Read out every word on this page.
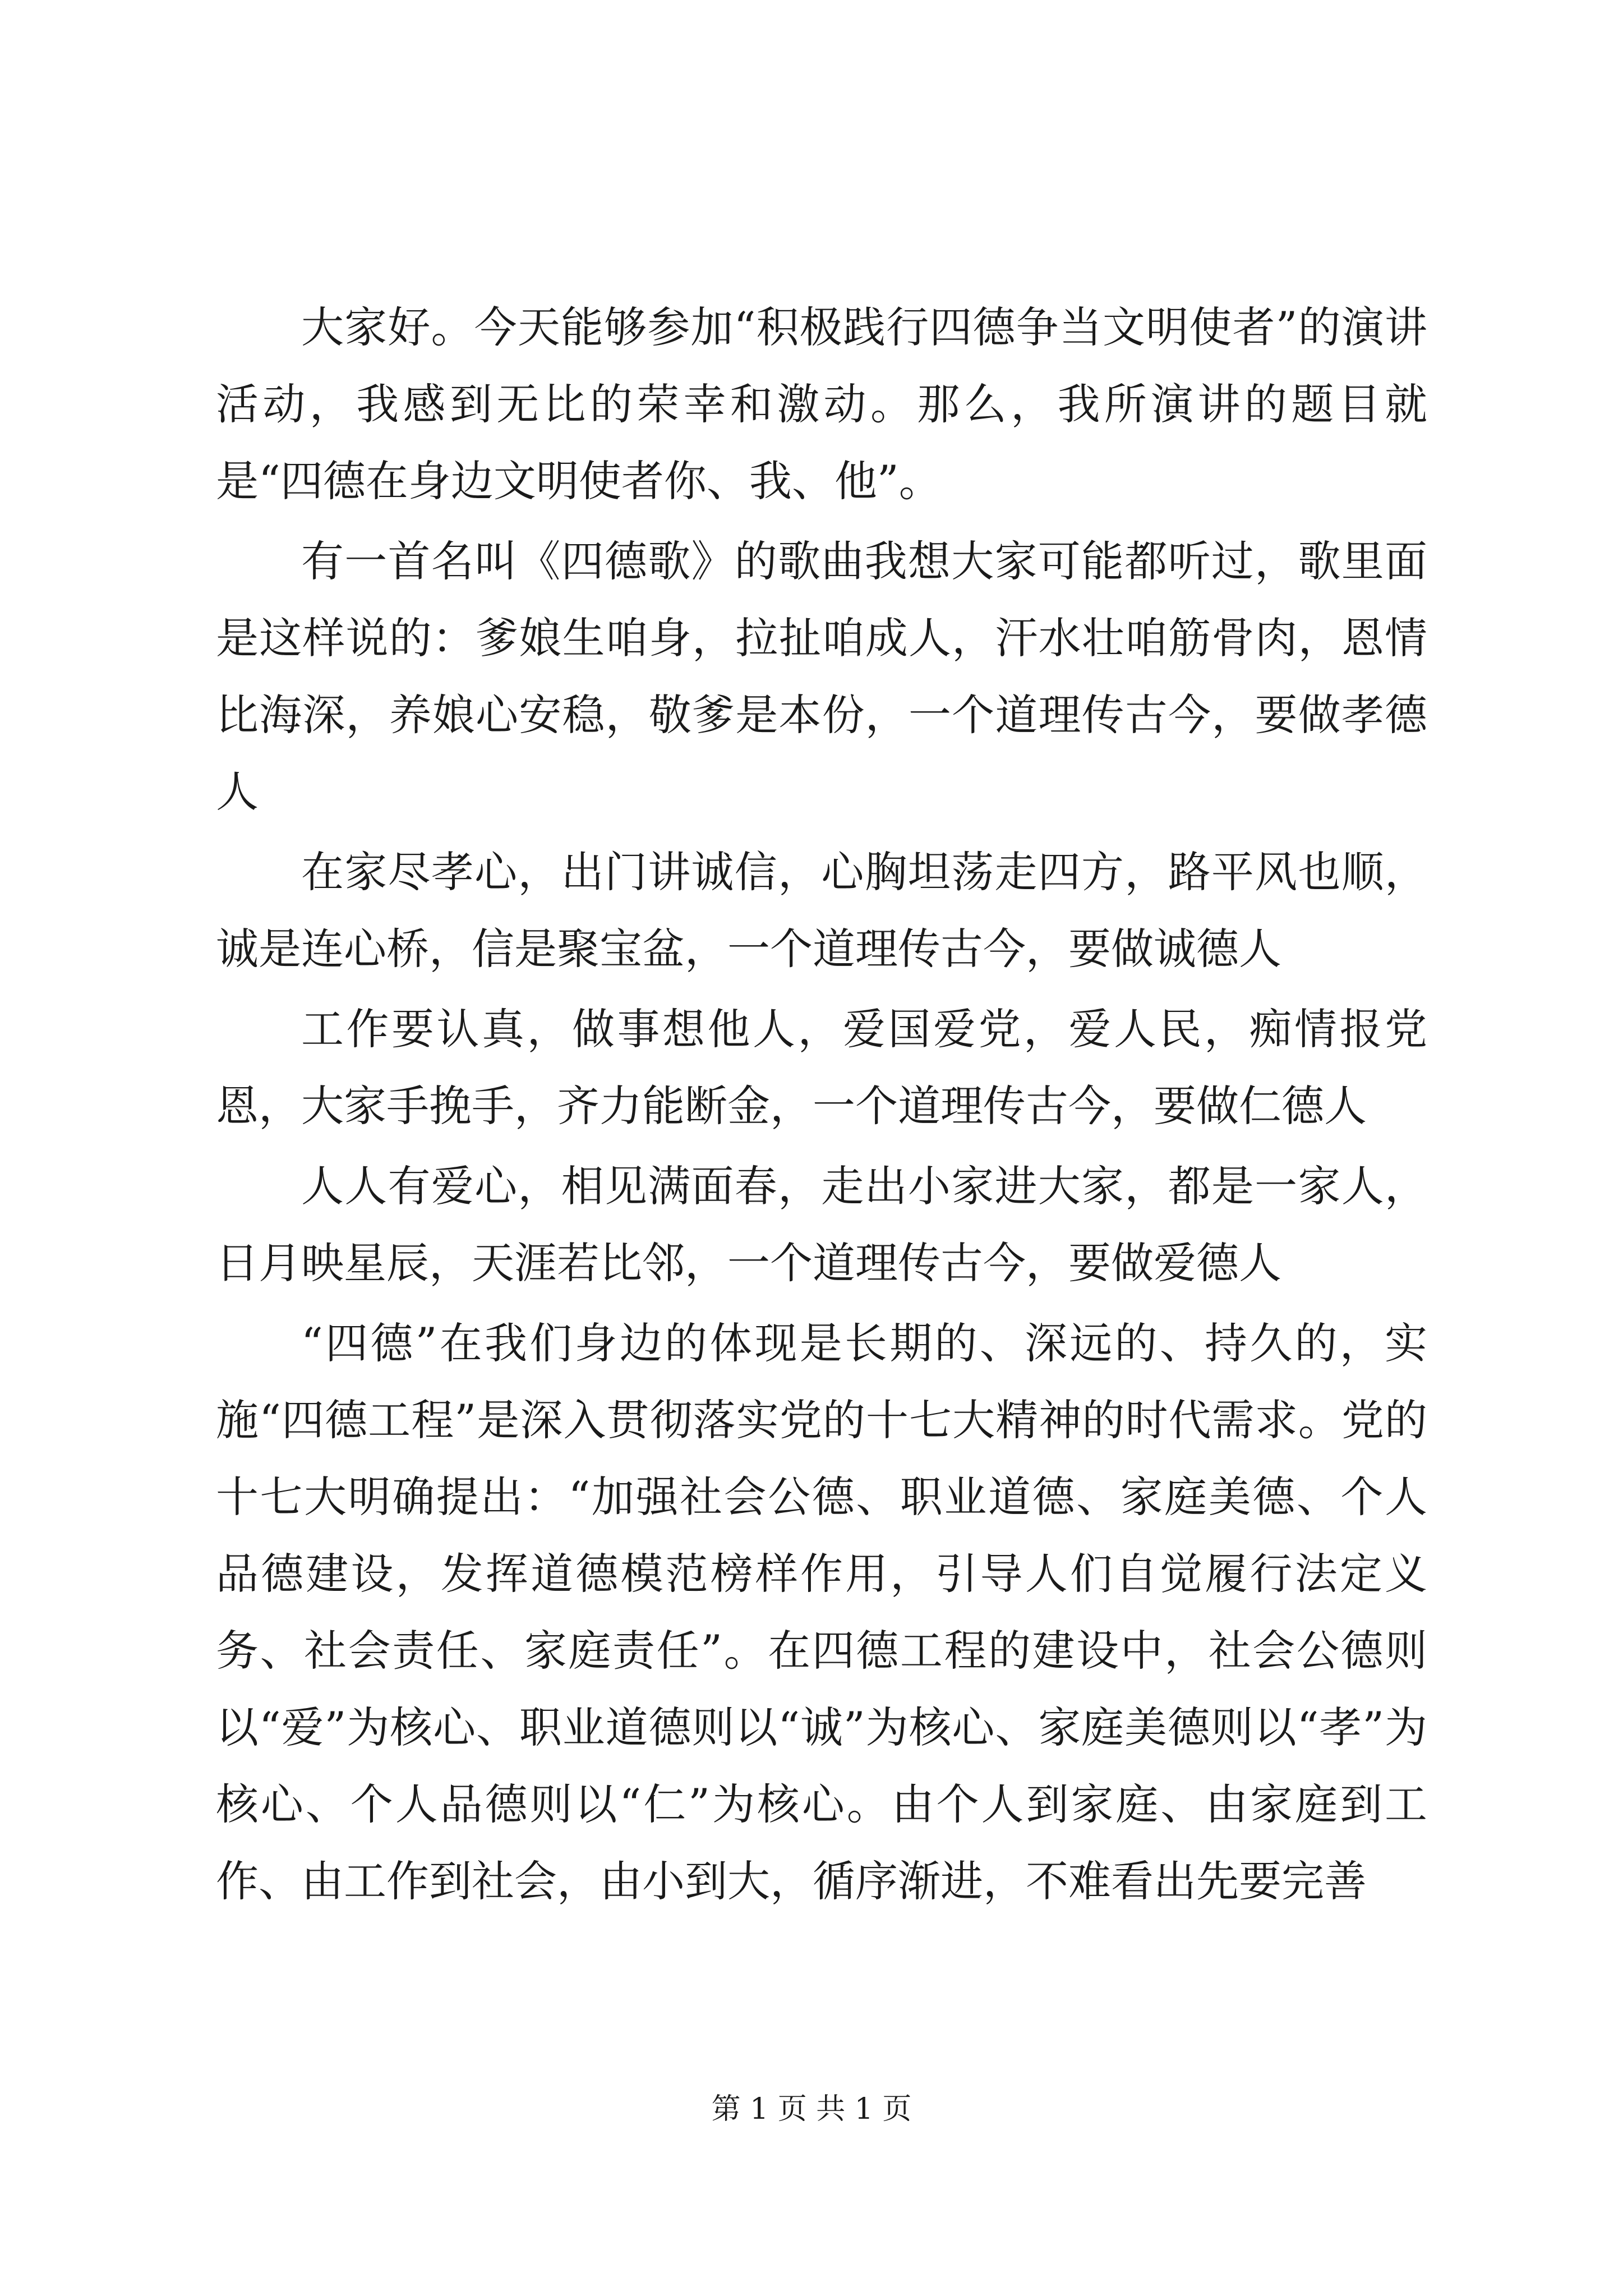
大家好。今天能够参加“积极践行四德争当文明使者”的演讲活动，我感到无比的荣幸和激动。那么，我所演讲的题目就是“四德在身边文明使者你、我、他”。

有一首名叫《四德歌》的歌曲我想大家可能都听过，歌里面是这样说的：爹娘生咱身，拉扯咱成人，汗水壮咱筋骨肉，恩情比海深，养娘心安稳，敬爹是本份，一个道理传古今，要做孝德人

在家尽孝心，出门讲诚信，心胸坦荡走四方，路平风也顺，诚是连心桥，信是聚宝盆，一个道理传古今，要做诚德人

工作要认真，做事想他人，爱国爱党，爱人民，痴情报党恩，大家手挽手，齐力能断金，一个道理传古今，要做仁德人

人人有爱心，相见满面春，走出小家进大家，都是一家人，日月映星辰，天涯若比邻，一个道理传古今，要做爱德人

“四德”在我们身边的体现是长期的、深远的、持久的，实施“四德工程”是深入贯彻落实党的十七大精神的时代需求。党的十七大明确提出：“加强社会公德、职业道德、家庭美德、个人品德建设，发挥道德模范榜样作用，引导人们自觉履行法定义务、社会责任、家庭责任”。在四德工程的建设中，社会公德则以“爱”为核心、职业道德则以“诚”为核心、家庭美德则以“孝”为核心、个人品德则以“仁”为核心。由个人到家庭、由家庭到工作、由工作到社会，由小到大，循序渐进，不难看出先要完善

第 1 页 共 1 页
